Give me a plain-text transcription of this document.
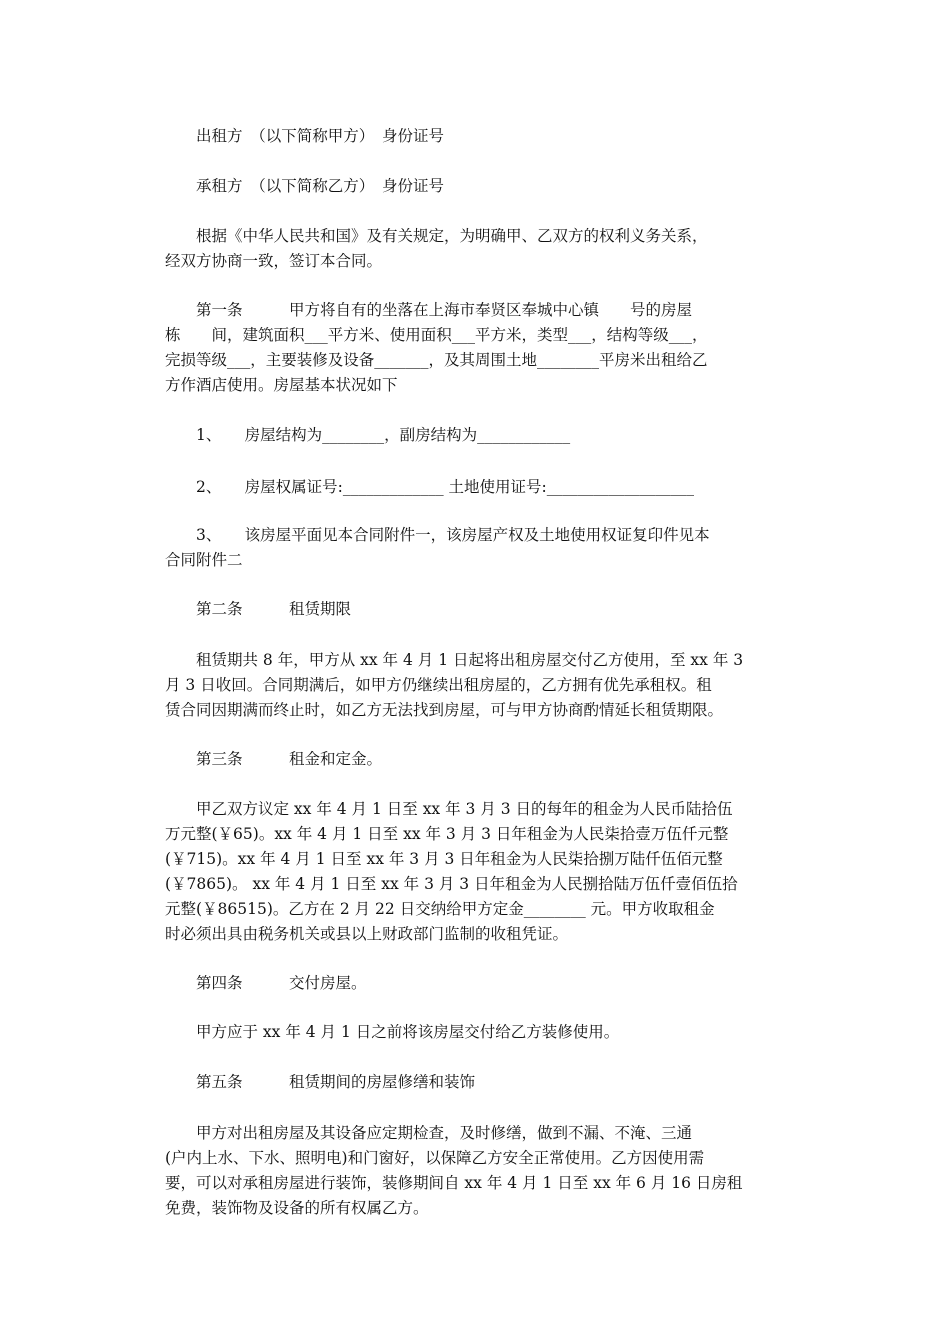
　　出租方　（以下简称甲方）　身份证号
　　承租方　（以下简称乙方）　身份证号
　　根据《中华人民共和国》及有关规定，为明确甲、乙双方的权利义务关系，
经双方协商一致，签订本合同。
　　第一条　　　甲方将自有的坐落在上海市奉贤区奉城中心镇　　号的房屋
栋　　间，建筑面积___平方米、使用面积___平方米，类型___，结构等级___，
完损等级___，主要装修及设备_______，及其周围土地________平房米出租给乙
方作酒店使用。房屋基本状况如下
　　1、　　房屋结构为________，副房结构为____________
　　2、　　房屋权属证号:_____________ 土地使用证号:___________________
　　3、　　该房屋平面见本合同附件一，该房屋产权及土地使用权证复印件见本
合同附件二
　　第二条　　　租赁期限
　　租赁期共 8 年，甲方从 xx 年 4 月 1 日起将出租房屋交付乙方使用，至 xx 年 3
月 3 日收回。合同期满后，如甲方仍继续出租房屋的，乙方拥有优先承租权。租
赁合同因期满而终止时，如乙方无法找到房屋，可与甲方协商酌情延长租赁期限。
　　第三条　　　租金和定金。
　　甲乙双方议定 xx 年 4 月 1 日至 xx 年 3 月 3 日的每年的租金为人民币陆拾伍
万元整(￥65)。xx 年 4 月 1 日至 xx 年 3 月 3 日年租金为人民柒拾壹万伍仟元整
(￥715)。xx 年 4 月 1 日至 xx 年 3 月 3 日年租金为人民柒拾捌万陆仟伍佰元整
(￥7865)。 xx 年 4 月 1 日至 xx 年 3 月 3 日年租金为人民捌拾陆万伍仟壹佰伍拾
元整(￥86515)。乙方在 2 月 22 日交纳给甲方定金________ 元。甲方收取租金
时必须出具由税务机关或县以上财政部门监制的收租凭证。
　　第四条　　　交付房屋。
　　甲方应于 xx 年 4 月 1 日之前将该房屋交付给乙方装修使用。
　　第五条　　　租赁期间的房屋修缮和装饰
　　甲方对出租房屋及其设备应定期检查，及时修缮，做到不漏、不淹、三通
(户内上水、下水、照明电)和门窗好，以保障乙方安全正常使用。乙方因使用需
要，可以对承租房屋进行装饰，装修期间自 xx 年 4 月 1 日至 xx 年 6 月 16 日房租
免费，装饰物及设备的所有权属乙方。
